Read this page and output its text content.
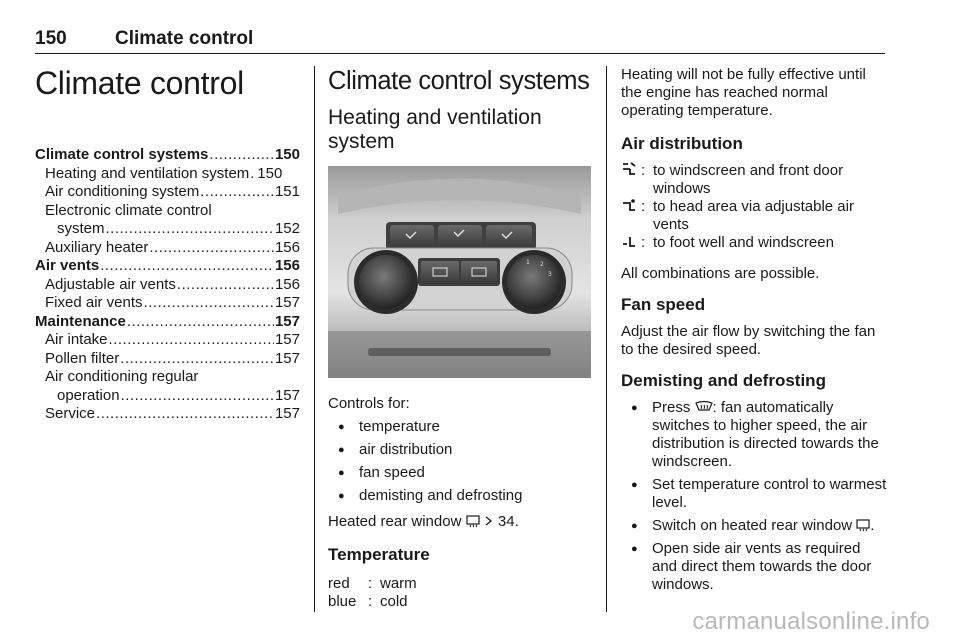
150	Climate control
Climate control
Climate control systems .....	150
Heating and ventilation system ..... 150
Air conditioning system .....	151
Electronic climate control
system .....	152
Auxiliary heater .....	156
Air vents .....	156
Adjustable air vents .....	156
Fixed air vents .....	157
Maintenance .....	157
Air intake .....	157
Pollen filter .....	157
Air conditioning regular
operation .....	157
Service .....	157
Climate control systems
Heating and ventilation
system
1 2
3

Controls for:

● temperature
● air distribution
● fan speed
● demisting and defrosting

Heated rear window 34.

Temperature
red	: warm
blue : cold

Heating will not be fully effective until the engine has reached normal operating temperature.

Air distribution
: to windscreen and front door
windows
: to head area via adjustable air
vents
: to foot well and windscreen

All combinations are possible.

Fan speed

Adjust the air flow by switching the fan to the desired speed.

Demisting and defrosting
● Press : fan automatically switches to higher speed, the air distribution is directed towards the windscreen.
● Set temperature control to warmest level.
● Switch on heated rear window .
● Open side air vents as required and direct them towards the door windows.
carmanualsonline.info
